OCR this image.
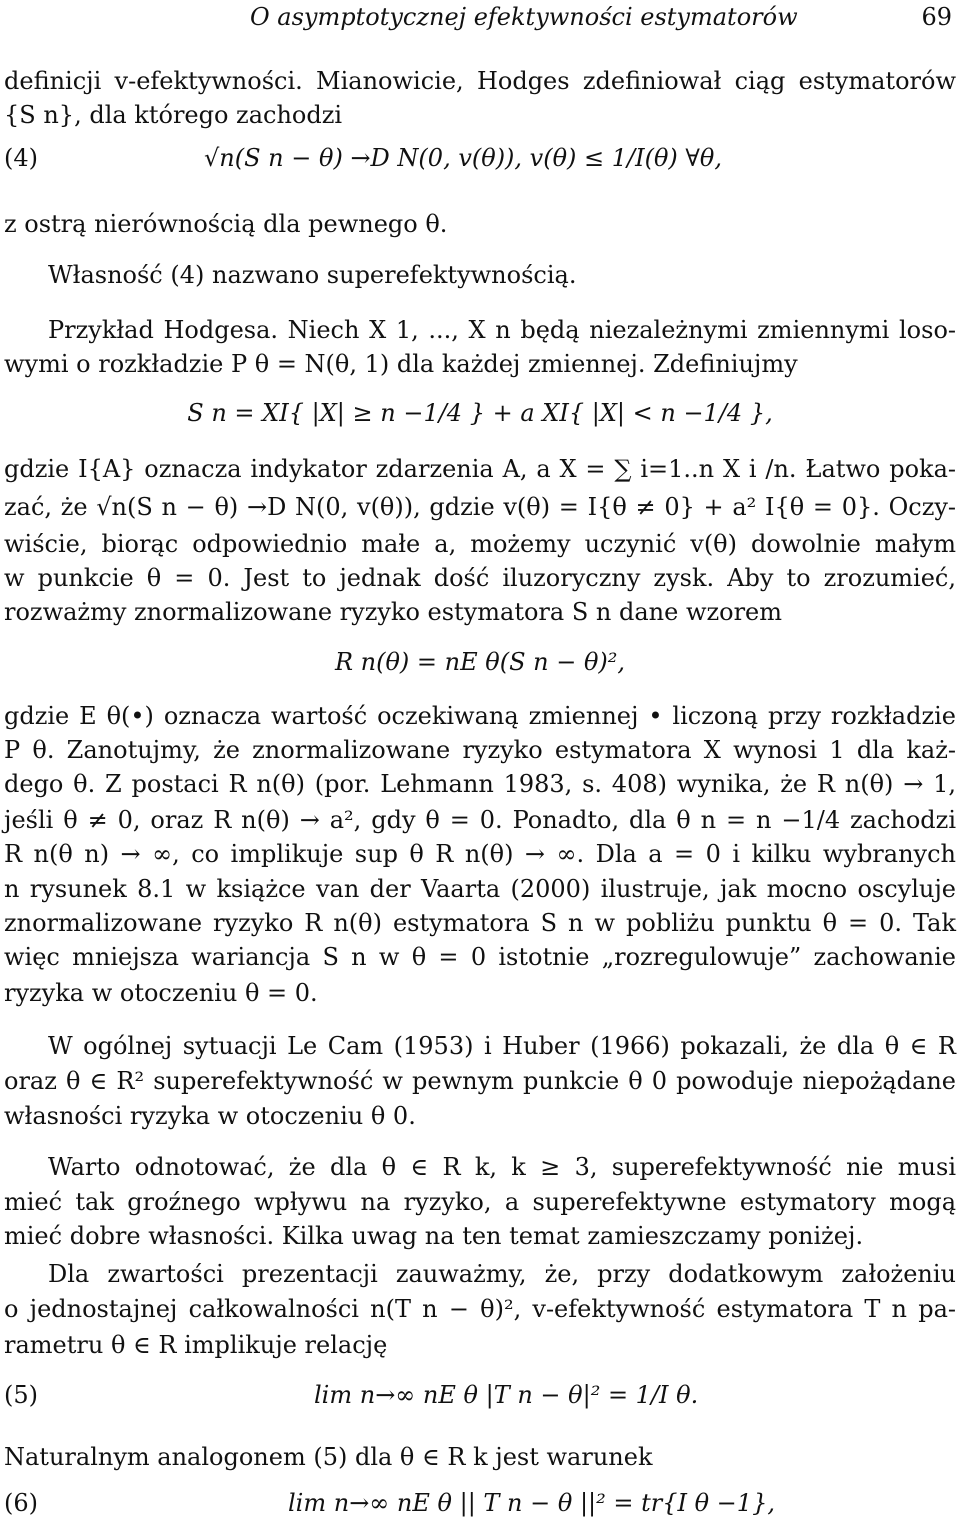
O asymptotycznej efektywności estymatorów	69
definicji v-efektywności. Mianowicie, Hodges zdefiniował ciąg estymatorów
{S n}, dla którego zachodzi
(4)	√n(S n − θ) →D N(0, v(θ)), v(θ) ≤ 1/I(θ) ∀θ,
z ostrą nierównością dla pewnego θ.
Własność (4) nazwano superefektywnością.
Przykład Hodgesa. Niech X 1, ..., X n będą niezależnymi zmiennymi loso-
wymi o rozkładzie P θ = N(θ, 1) dla każdej zmiennej. Zdefiniujmy
S n = XI{ |X| ≥ n −1/4 } + a XI{ |X| < n −1/4 },
gdzie I{A} oznacza indykator zdarzenia A, a X = ∑ i=1..n X i /n. Łatwo poka-
zać, że √n(S n − θ) →D N(0, v(θ)), gdzie v(θ) = I{θ ≠ 0} + a² I{θ = 0}. Oczy-
wiście, biorąc odpowiednio małe a, możemy uczynić v(θ) dowolnie małym
w punkcie θ = 0. Jest to jednak dość iluzoryczny zysk. Aby to zrozumieć,
rozważmy znormalizowane ryzyko estymatora S n dane wzorem
R n(θ) = nE θ(S n − θ)²,
gdzie E θ(•) oznacza wartość oczekiwaną zmiennej • liczoną przy rozkładzie
P θ. Zanotujmy, że znormalizowane ryzyko estymatora X wynosi 1 dla każ-
dego θ. Z postaci R n(θ) (por. Lehmann 1983, s. 408) wynika, że R n(θ) → 1,
jeśli θ ≠ 0, oraz R n(θ) → a², gdy θ = 0. Ponadto, dla θ n = n −1/4 zachodzi
R n(θ n) → ∞, co implikuje sup θ R n(θ) → ∞. Dla a = 0 i kilku wybranych
n rysunek 8.1 w książce van der Vaarta (2000) ilustruje, jak mocno oscyluje
znormalizowane ryzyko R n(θ) estymatora S n w pobliżu punktu θ = 0. Tak
więc mniejsza wariancja S n w θ = 0 istotnie „rozregulowuje” zachowanie
ryzyka w otoczeniu θ = 0.
W ogólnej sytuacji Le Cam (1953) i Huber (1966) pokazali, że dla θ ∈ R
oraz θ ∈ R² superefektywność w pewnym punkcie θ 0 powoduje niepożądane
własności ryzyka w otoczeniu θ 0.
Warto odnotować, że dla θ ∈ R k, k ≥ 3, superefektywność nie musi
mieć tak groźnego wpływu na ryzyko, a superefektywne estymatory mogą
mieć dobre własności. Kilka uwag na ten temat zamieszczamy poniżej.
Dla zwartości prezentacji zauważmy, że, przy dodatkowym założeniu
o jednostajnej całkowalności n(T n − θ)², v-efektywność estymatora T n pa-
rametru θ ∈ R implikuje relację
(5)	lim n→∞ nE θ |T n − θ|² = 1/I θ.
Naturalnym analogonem (5) dla θ ∈ R k jest warunek
(6)	lim n→∞ nE θ || T n − θ ||² = tr{I θ −1},
